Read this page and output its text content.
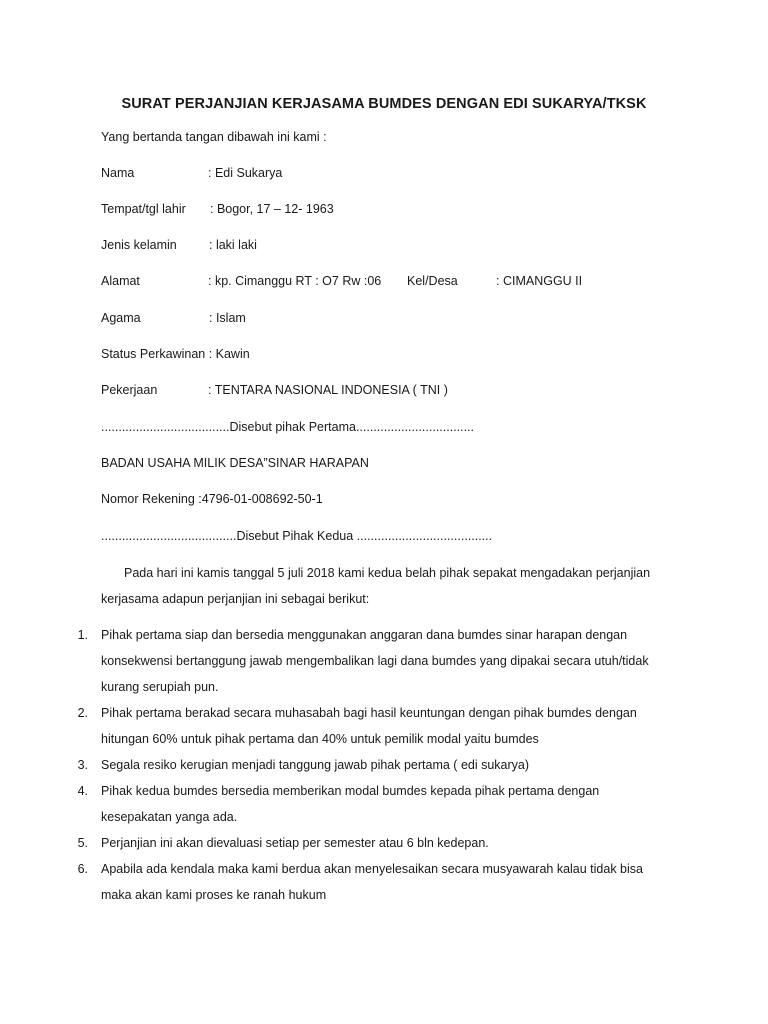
SURAT PERJANJIAN KERJASAMA BUMDES DENGAN EDI SUKARYA/TKSK
Yang bertanda tangan dibawah ini kami :
Nama	: Edi Sukarya
Tempat/tgl lahir : Bogor, 17 – 12- 1963
Jenis kelamin	: laki laki
Alamat	: kp. Cimanggu RT : O7 Rw :06 Kel/Desa	: CIMANGGU II
Agama	: Islam
Status Perkawinan : Kawin
Pekerjaan	: TENTARA NASIONAL INDONESIA ( TNI )
.....................................Disebut pihak Pertama..................................
BADAN USAHA MILIK DESA”SINAR HARAPAN
Nomor Rekening :4796-01-008692-50-1
.......................................Disebut Pihak Kedua .......................................
Pada hari ini kamis tanggal 5 juli 2018 kami kedua belah pihak sepakat mengadakan perjanjian
kerjasama adapun perjanjian ini sebagai berikut:
1. Pihak pertama siap dan bersedia menggunakan anggaran dana bumdes sinar harapan dengan
konsekwensi bertanggung jawab mengembalikan lagi dana bumdes yang dipakai secara utuh/tidak
kurang serupiah pun.
2. Pihak pertama berakad secara muhasabah bagi hasil keuntungan dengan pihak bumdes dengan
hitungan 60% untuk pihak pertama dan 40% untuk pemilik modal yaitu bumdes
3. Segala resiko kerugian menjadi tanggung jawab pihak pertama ( edi sukarya)
4. Pihak kedua bumdes bersedia memberikan modal bumdes kepada pihak pertama dengan
kesepakatan yanga ada.
5. Perjanjian ini akan dievaluasi setiap per semester atau 6 bln kedepan.
6. Apabila ada kendala maka kami berdua akan menyelesaikan secara musyawarah kalau tidak bisa
maka akan kami proses ke ranah hukum
